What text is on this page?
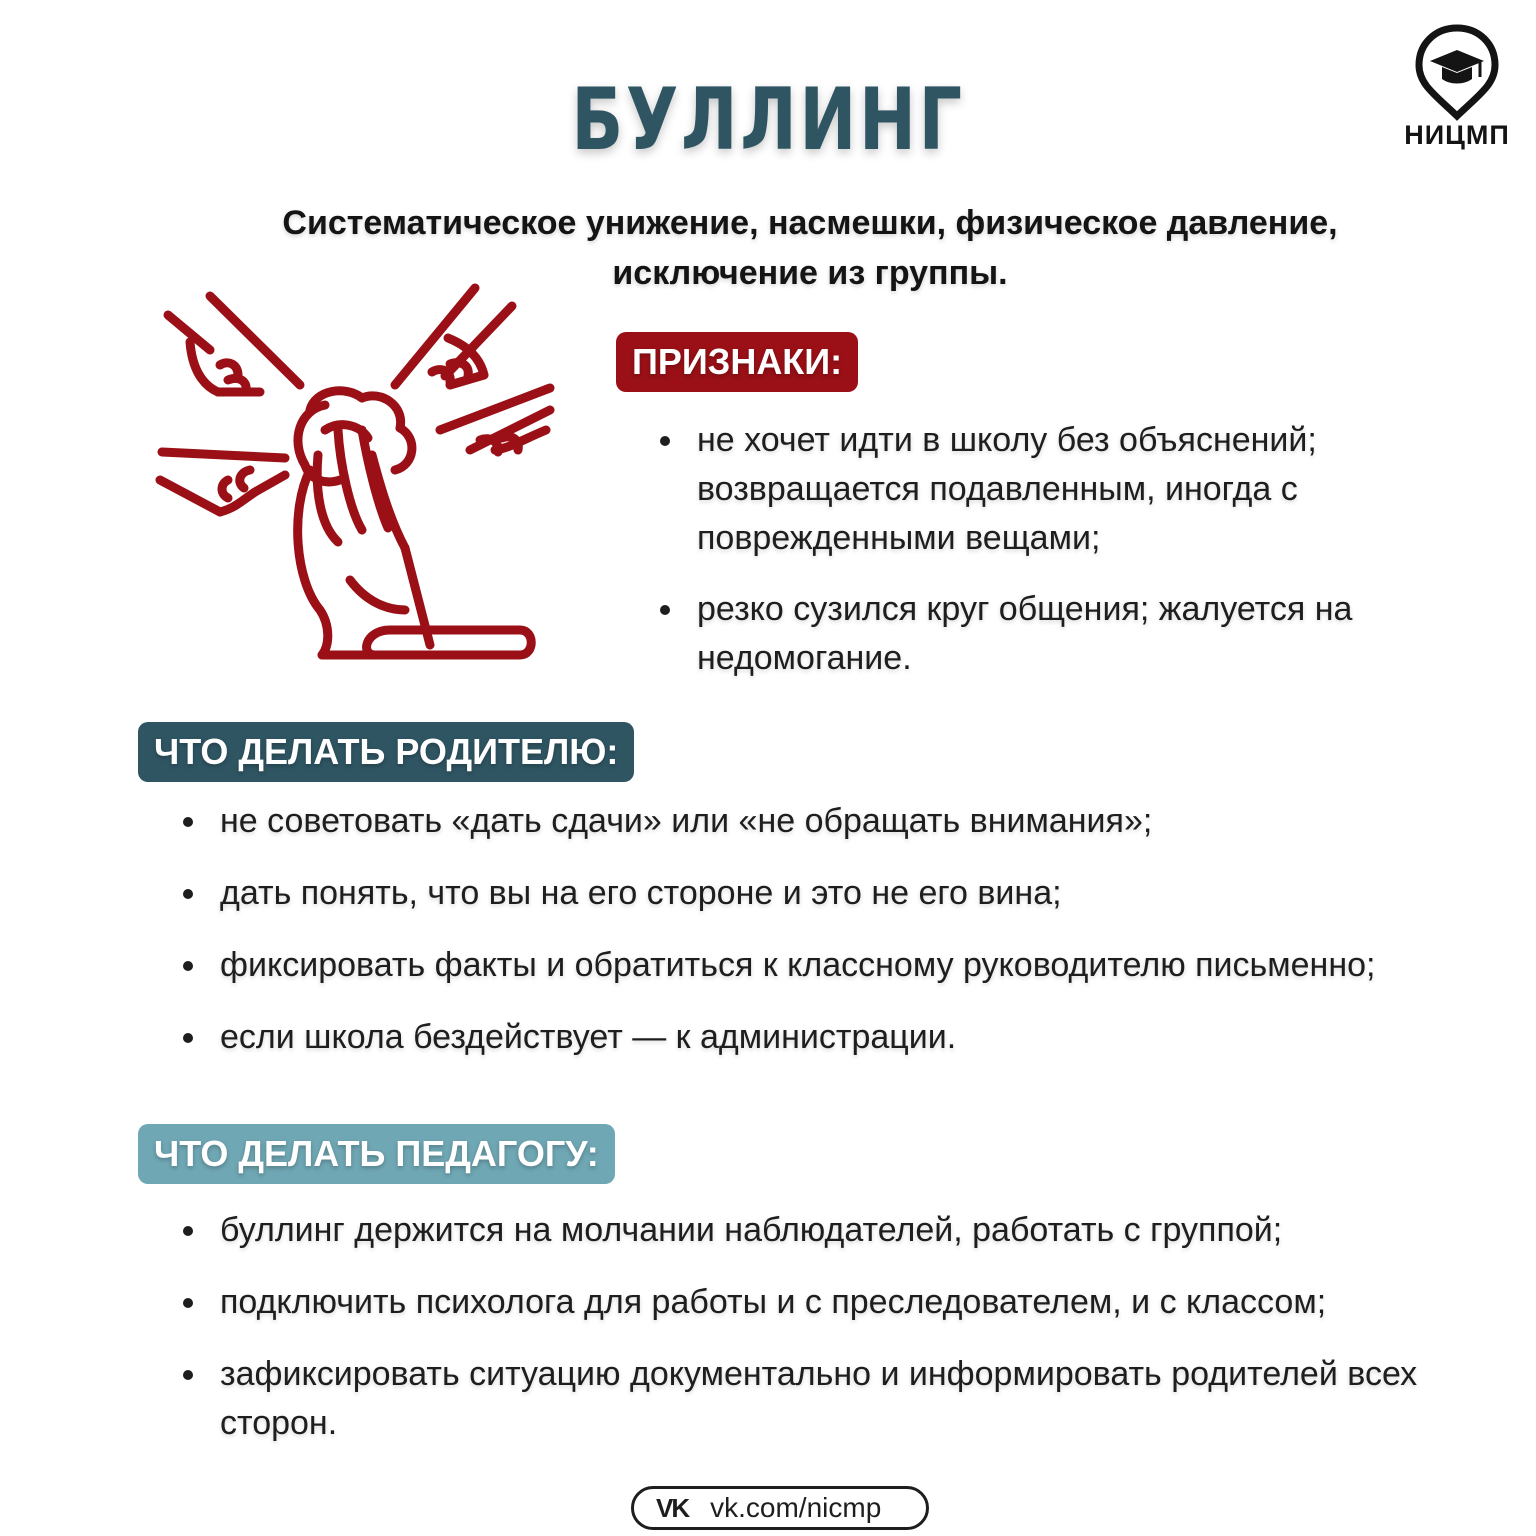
БУЛЛИНГ	НИЦМП
Систематическое унижение, насмешки, физическое давление, исключение из группы.
ПРИЗНАКИ:
не хочет идти в школу без объяснений; возвращается подавленным, иногда с поврежденными вещами;
резко сузился круг общения; жалуется на недомогание.
ЧТО ДЕЛАТЬ РОДИТЕЛЮ:
не советовать «дать сдачи» или «не обращать внимания»;
дать понять, что вы на его стороне и это не его вина;
фиксировать факты и обратиться к классному руководителю письменно;
если школа бездействует — к администрации.
ЧТО ДЕЛАТЬ ПЕДАГОГУ:
буллинг держится на молчании наблюдателей, работать с группой;
подключить психолога для работы и с преследователем, и с классом;
зафиксировать ситуацию документально и информировать родителей всех сторон.
VK vk.com/nicmp
